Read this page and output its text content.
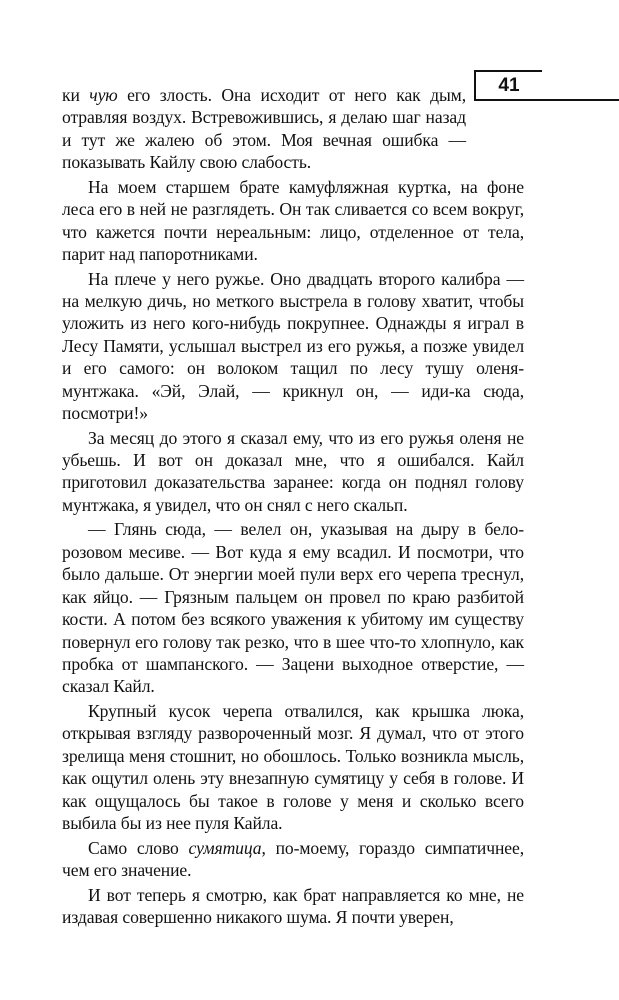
41

ки чую его злость. Она исходит от него как дым, отравляя воздух. Встревожившись, я делаю шаг назад и тут же жалею об этом. Моя вечная ошибка — показывать Кайлу свою слабость.

На моем старшем брате камуфляжная куртка, на фоне леса его в ней не разглядеть. Он так сливается со всем вокруг, что кажется почти нереальным: лицо, отделенное от тела, парит над папоротниками.

На плече у него ружье. Оно двадцать второго калибра — на мелкую дичь, но меткого выстрела в голову хватит, чтобы уложить из него кого-нибудь покрупнее. Однажды я играл в Лесу Памяти, услышал выстрел из его ружья, а позже увидел и его самого: он волоком тащил по лесу тушу оленя-мунтжака. «Эй, Элай, — крикнул он, — иди-ка сюда, посмотри!»

За месяц до этого я сказал ему, что из его ружья оленя не убьешь. И вот он доказал мне, что я ошибался. Кайл приготовил доказательства заранее: когда он поднял голову мунтжака, я увидел, что он снял с него скальп.

— Глянь сюда, — велел он, указывая на дыру в бело-розовом месиве. — Вот куда я ему всадил. И посмотри, что было дальше. От энергии моей пули верх его черепа треснул, как яйцо. — Грязным пальцем он провел по краю разбитой кости. А потом без всякого уважения к убитому им существу повернул его голову так резко, что в шее что-то хлопнуло, как пробка от шампанского. — Зацени выходное отверстие, — сказал Кайл.

Крупный кусок черепа отвалился, как крышка люка, открывая взгляду развороченный мозг. Я думал, что от этого зрелища меня стошнит, но обошлось. Только возникла мысль, как ощутил олень эту внезапную сумятицу у себя в голове. И как ощущалось бы такое в голове у меня и сколько всего выбила бы из нее пуля Кайла.

Само слово сумятица, по-моему, гораздо симпатичнее, чем его значение.

И вот теперь я смотрю, как брат направляется ко мне, не издавая совершенно никакого шума. Я почти уверен,
